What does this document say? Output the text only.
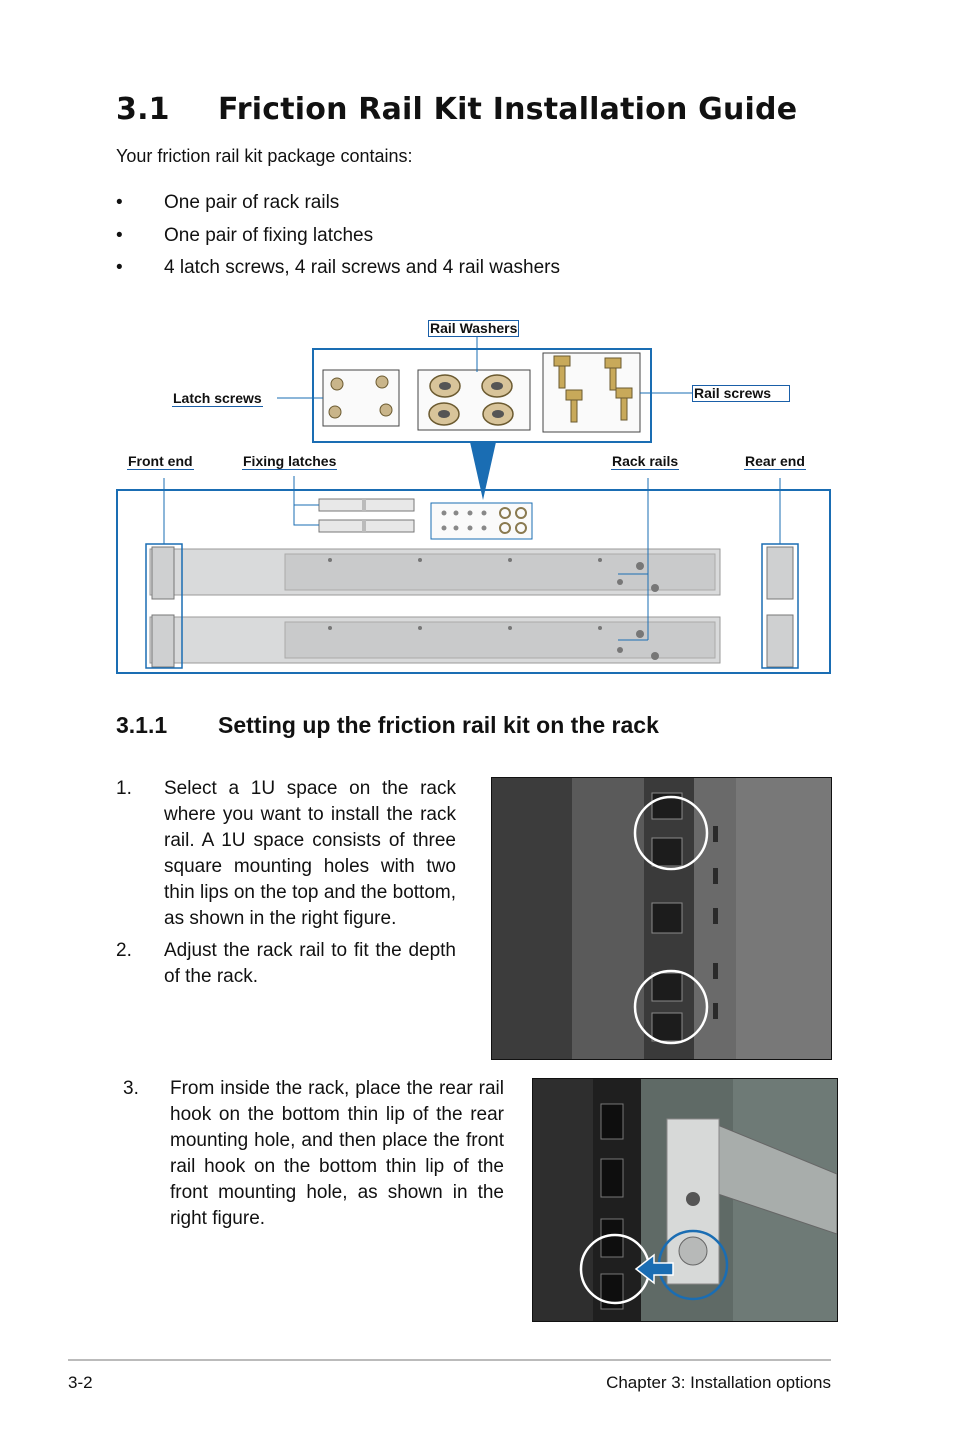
3.1 Friction Rail Kit Installation Guide
Your friction rail kit package contains:
• One pair of rack rails
• One pair of fixing latches
• 4 latch screws, 4 rail screws and 4 rail washers
Rail Washers
Latch screws	Rail screws
Front end	Fixing latches	Rack rails	Rear end
3.1.1 Setting up the friction rail kit on the rack
1. Select a 1U space on the rack where you want to install the rack rail. A 1U space consists of three square mounting holes with two thin lips on the top and the bottom, as shown in the right figure.
2. Adjust the rack rail to fit the depth of the rack.
3. From inside the rack, place the rear rail hook on the bottom thin lip of the rear mounting hole, and then place the front rail hook on the bottom thin lip of the front mounting hole, as shown in the right figure.
3-2	Chapter 3: Installation options
